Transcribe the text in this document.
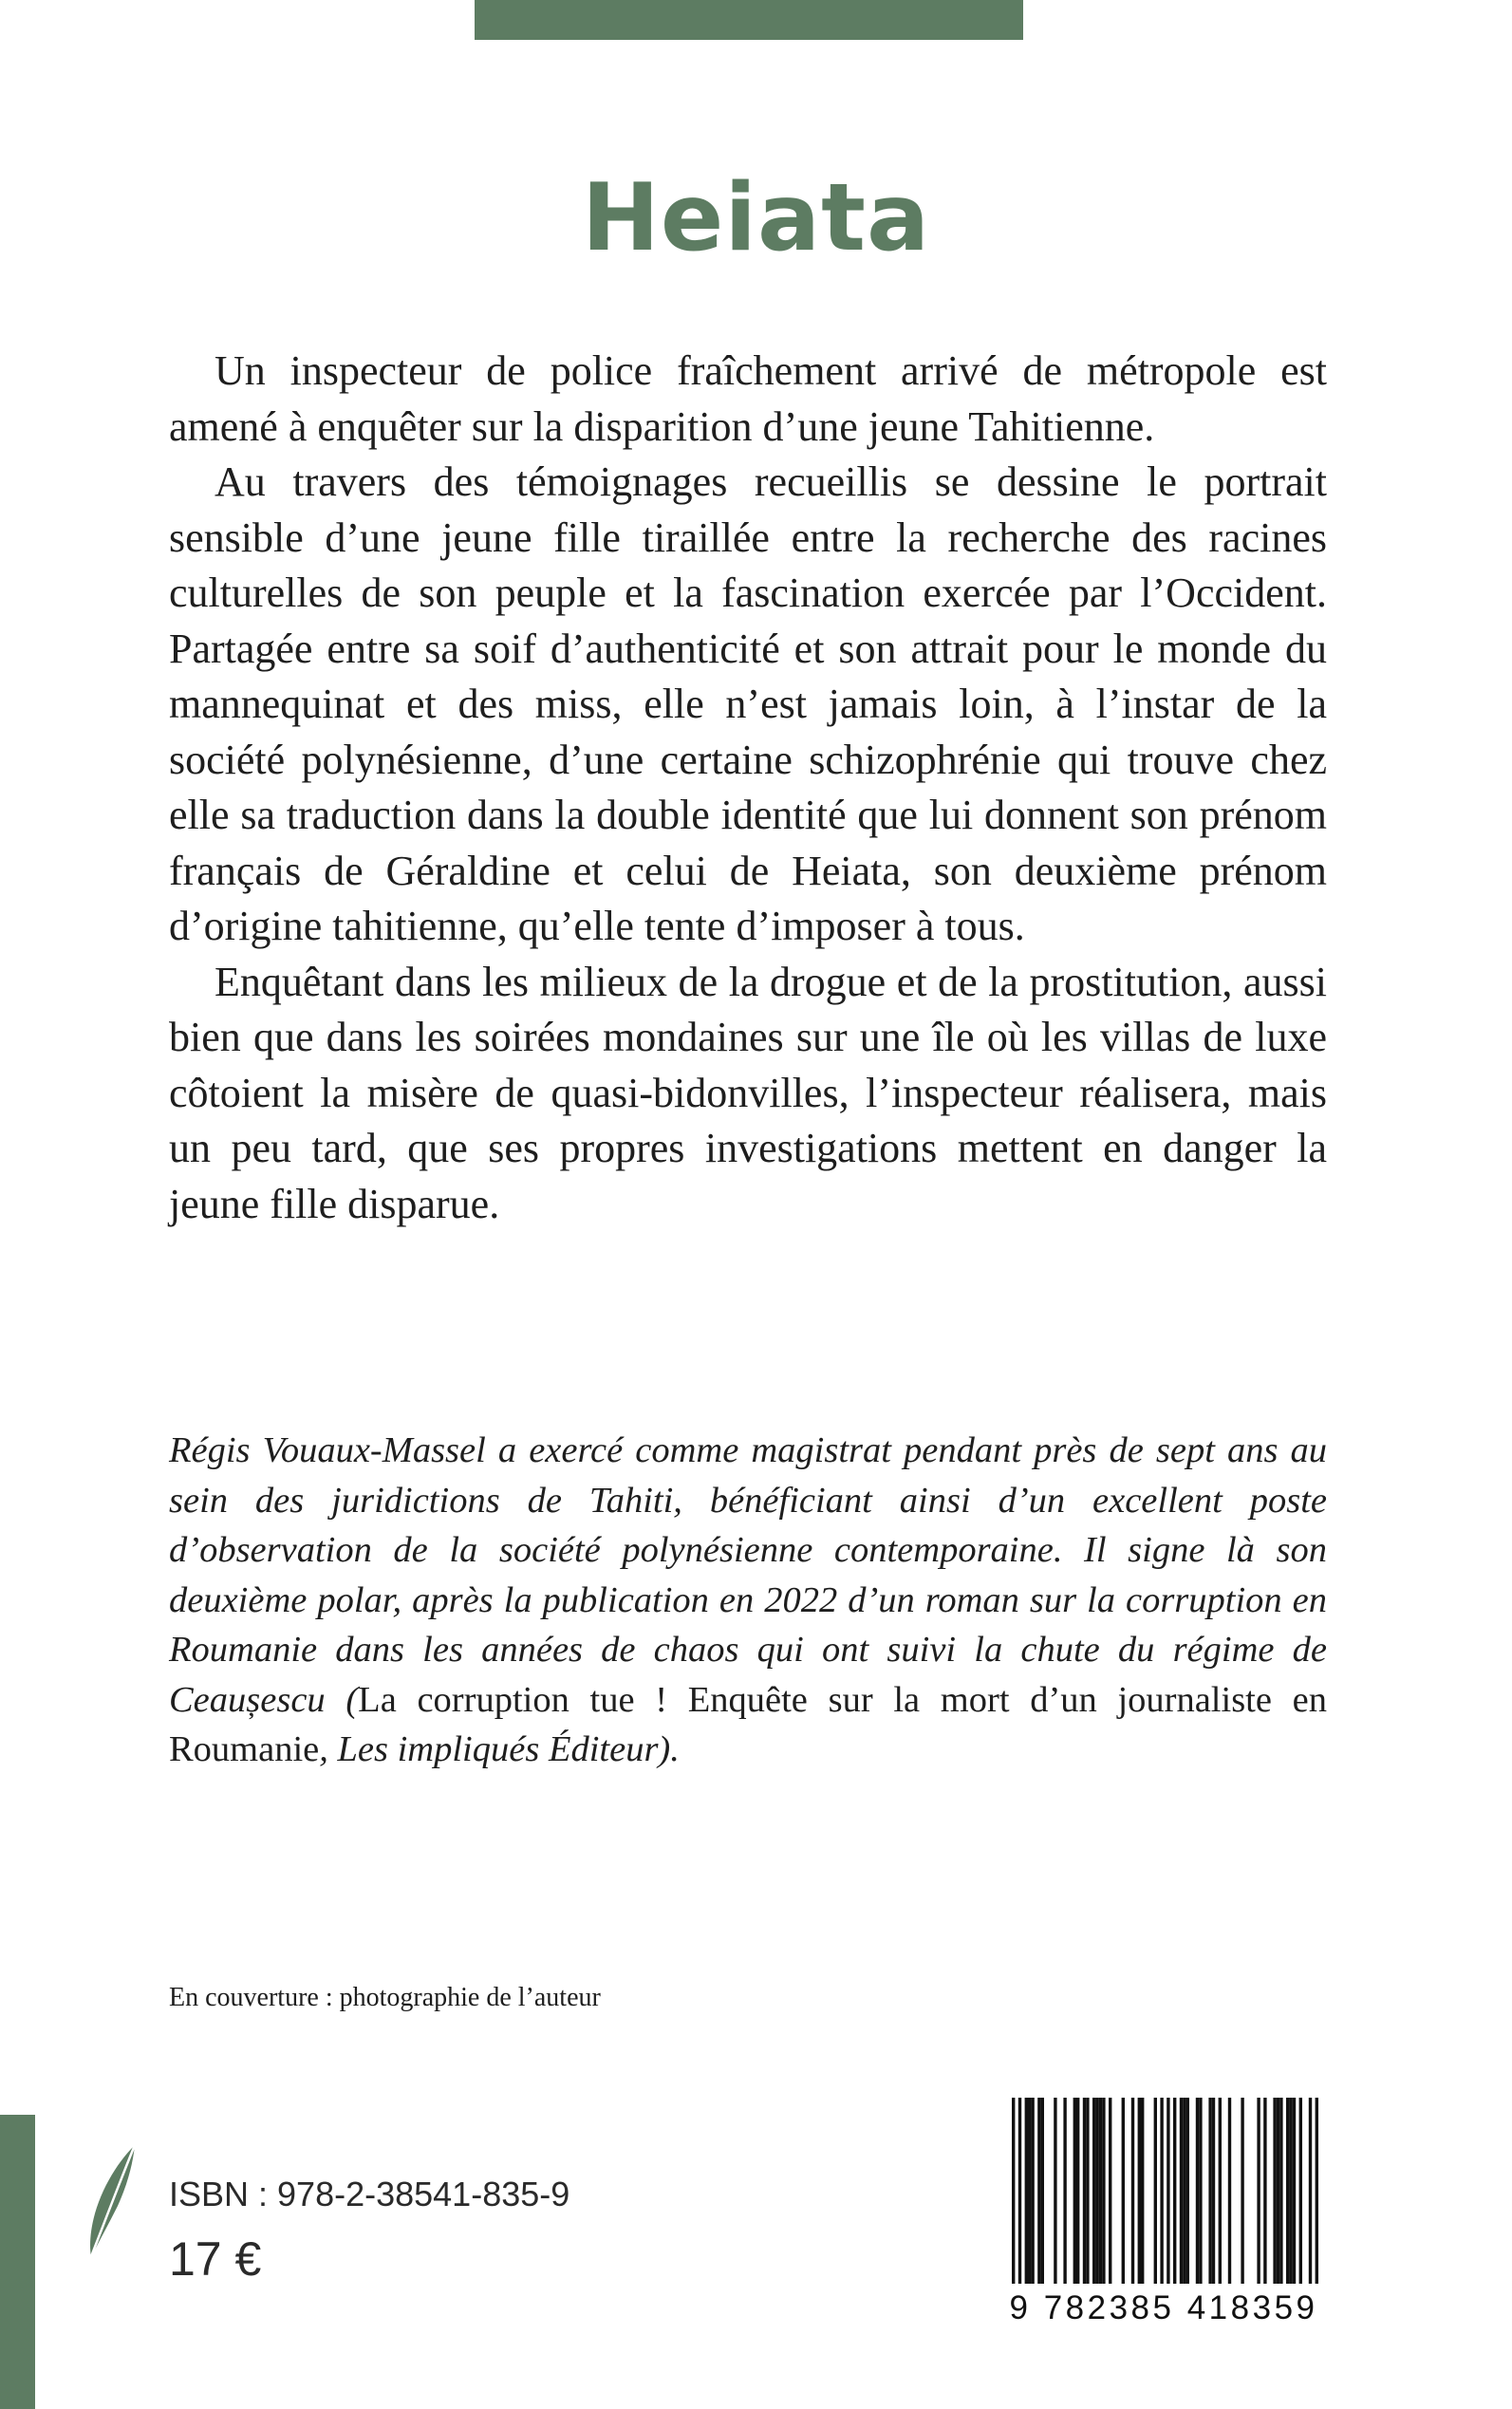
Heiata

Un inspecteur de police fraîchement arrivé de métropole est amené à enquêter sur la disparition d’une jeune Tahitienne.

Au travers des témoignages recueillis se dessine le portrait sensible d’une jeune fille tiraillée entre la recherche des racines culturelles de son peuple et la fascination exercée par l’Occident. Partagée entre sa soif d’authenticité et son attrait pour le monde du mannequinat et des miss, elle n’est jamais loin, à l’instar de la société polynésienne, d’une certaine schizophrénie qui trouve chez elle sa traduction dans la double identité que lui donnent son prénom français de Géraldine et celui de Heiata, son deuxième prénom d’origine tahitienne, qu’elle tente d’imposer à tous.

Enquêtant dans les milieux de la drogue et de la prostitution, aussi bien que dans les soirées mondaines sur une île où les villas de luxe côtoient la misère de quasi-bidonvilles, l’inspecteur réalisera, mais un peu tard, que ses propres investigations mettent en danger la jeune fille disparue.

Régis Vouaux-Massel a exercé comme magistrat pendant près de sept ans au sein des juridictions de Tahiti, bénéficiant ainsi d’un excellent poste d’observation de la société polynésienne contemporaine. Il signe là son deuxième polar, après la publication en 2022 d’un roman sur la corruption en Roumanie dans les années de chaos qui ont suivi la chute du régime de Ceaușescu (La corruption tue ! Enquête sur la mort d’un journaliste en Roumanie, Les impliqués Éditeur).

En couverture : photographie de l’auteur
ISBN : 978-2-38541-835-9
17 €
9 782385 418359
